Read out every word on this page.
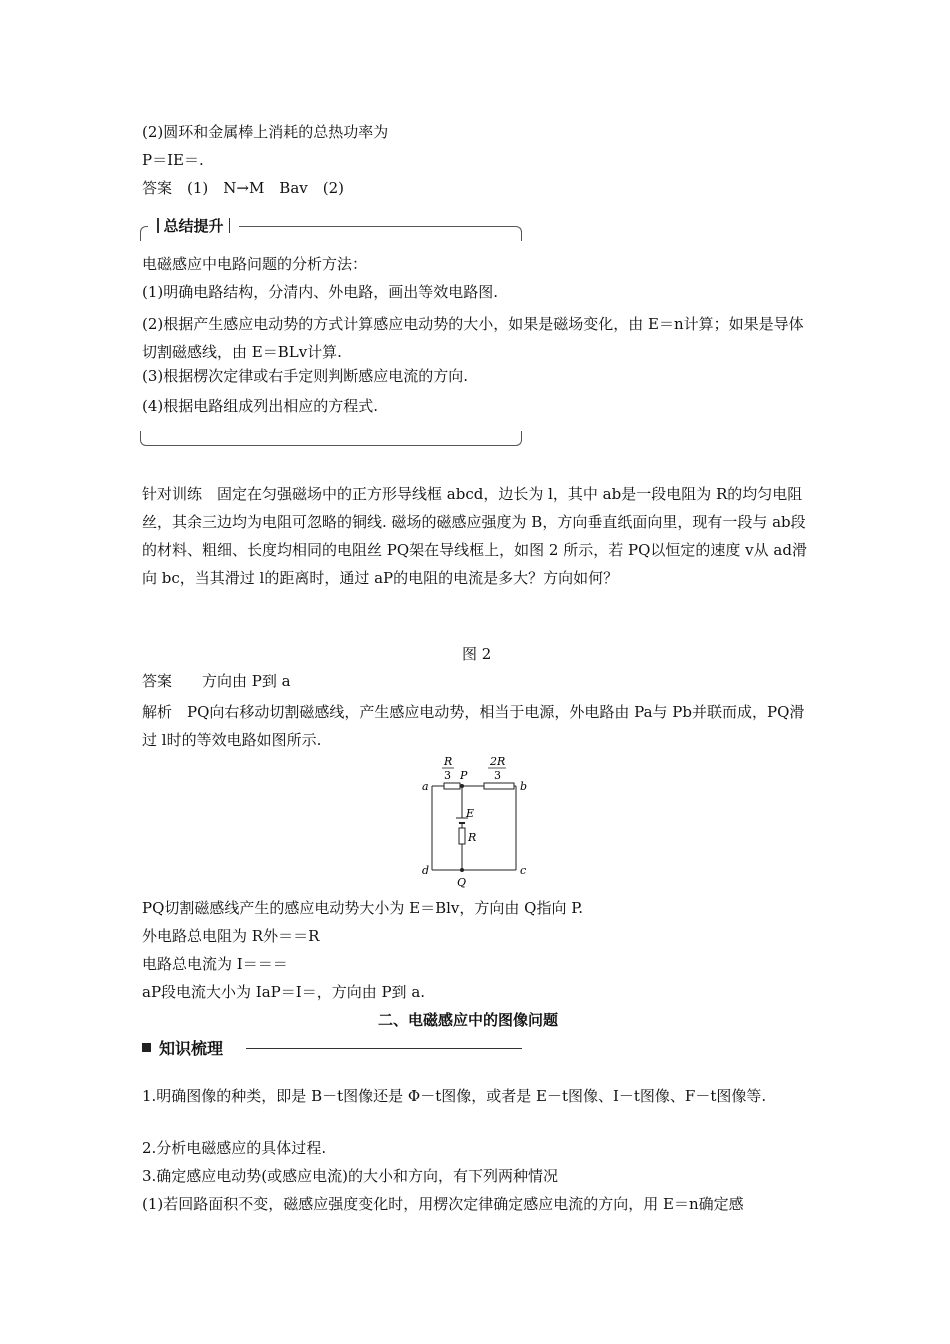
(2)圆环和金属棒上消耗的总热功率为
P＝IE＝.
答案　(1)　N→M　Bav　(2)
总结提升
电磁感应中电路问题的分析方法：
(1)明确电路结构，分清内、外电路，画出等效电路图.
(2)根据产生感应电动势的方式计算感应电动势的大小，如果是磁场变化，由 E＝n计算；如果是导体切割磁感线，由 E＝BLv计算.
(3)根据楞次定律或右手定则判断感应电流的方向.
(4)根据电路组成列出相应的方程式.
针对训练　固定在匀强磁场中的正方形导线框 abcd，边长为 l，其中 ab是一段电阻为 R的均匀电阻丝，其余三边均为电阻可忽略的铜线. 磁场的磁感应强度为 B，方向垂直纸面向里，现有一段与 ab段的材料、粗细、长度均相同的电阻丝 PQ架在导线框上，如图 2 所示，若 PQ以恒定的速度 v从 ad滑向 bc，当其滑过 l的距离时，通过 aP的电阻的电流是多大？方向如何？
图 2
答案　　方向由 P到 a
解析　PQ向右移动切割磁感线，产生感应电动势，相当于电源，外电路由 Pa与 Pb并联而成，PQ滑过 l时的等效电路如图所示.
R
3
2R
3
P
a	b
E
R
d	c
Q
PQ切割磁感线产生的感应电动势大小为 E＝Blv，方向由 Q指向 P.
外电路总电阻为 R外＝＝R
电路总电流为 I＝＝＝
aP段电流大小为 IaP＝I＝，方向由 P到 a.
二、电磁感应中的图像问题
知识梳理
1.明确图像的种类，即是 B－t图像还是 Φ－t图像，或者是 E－t图像、I－t图像、F－t图像等.
2.分析电磁感应的具体过程.
3.确定感应电动势(或感应电流)的大小和方向，有下列两种情况
(1)若回路面积不变，磁感应强度变化时，用楞次定律确定感应电流的方向，用 E＝n确定感
